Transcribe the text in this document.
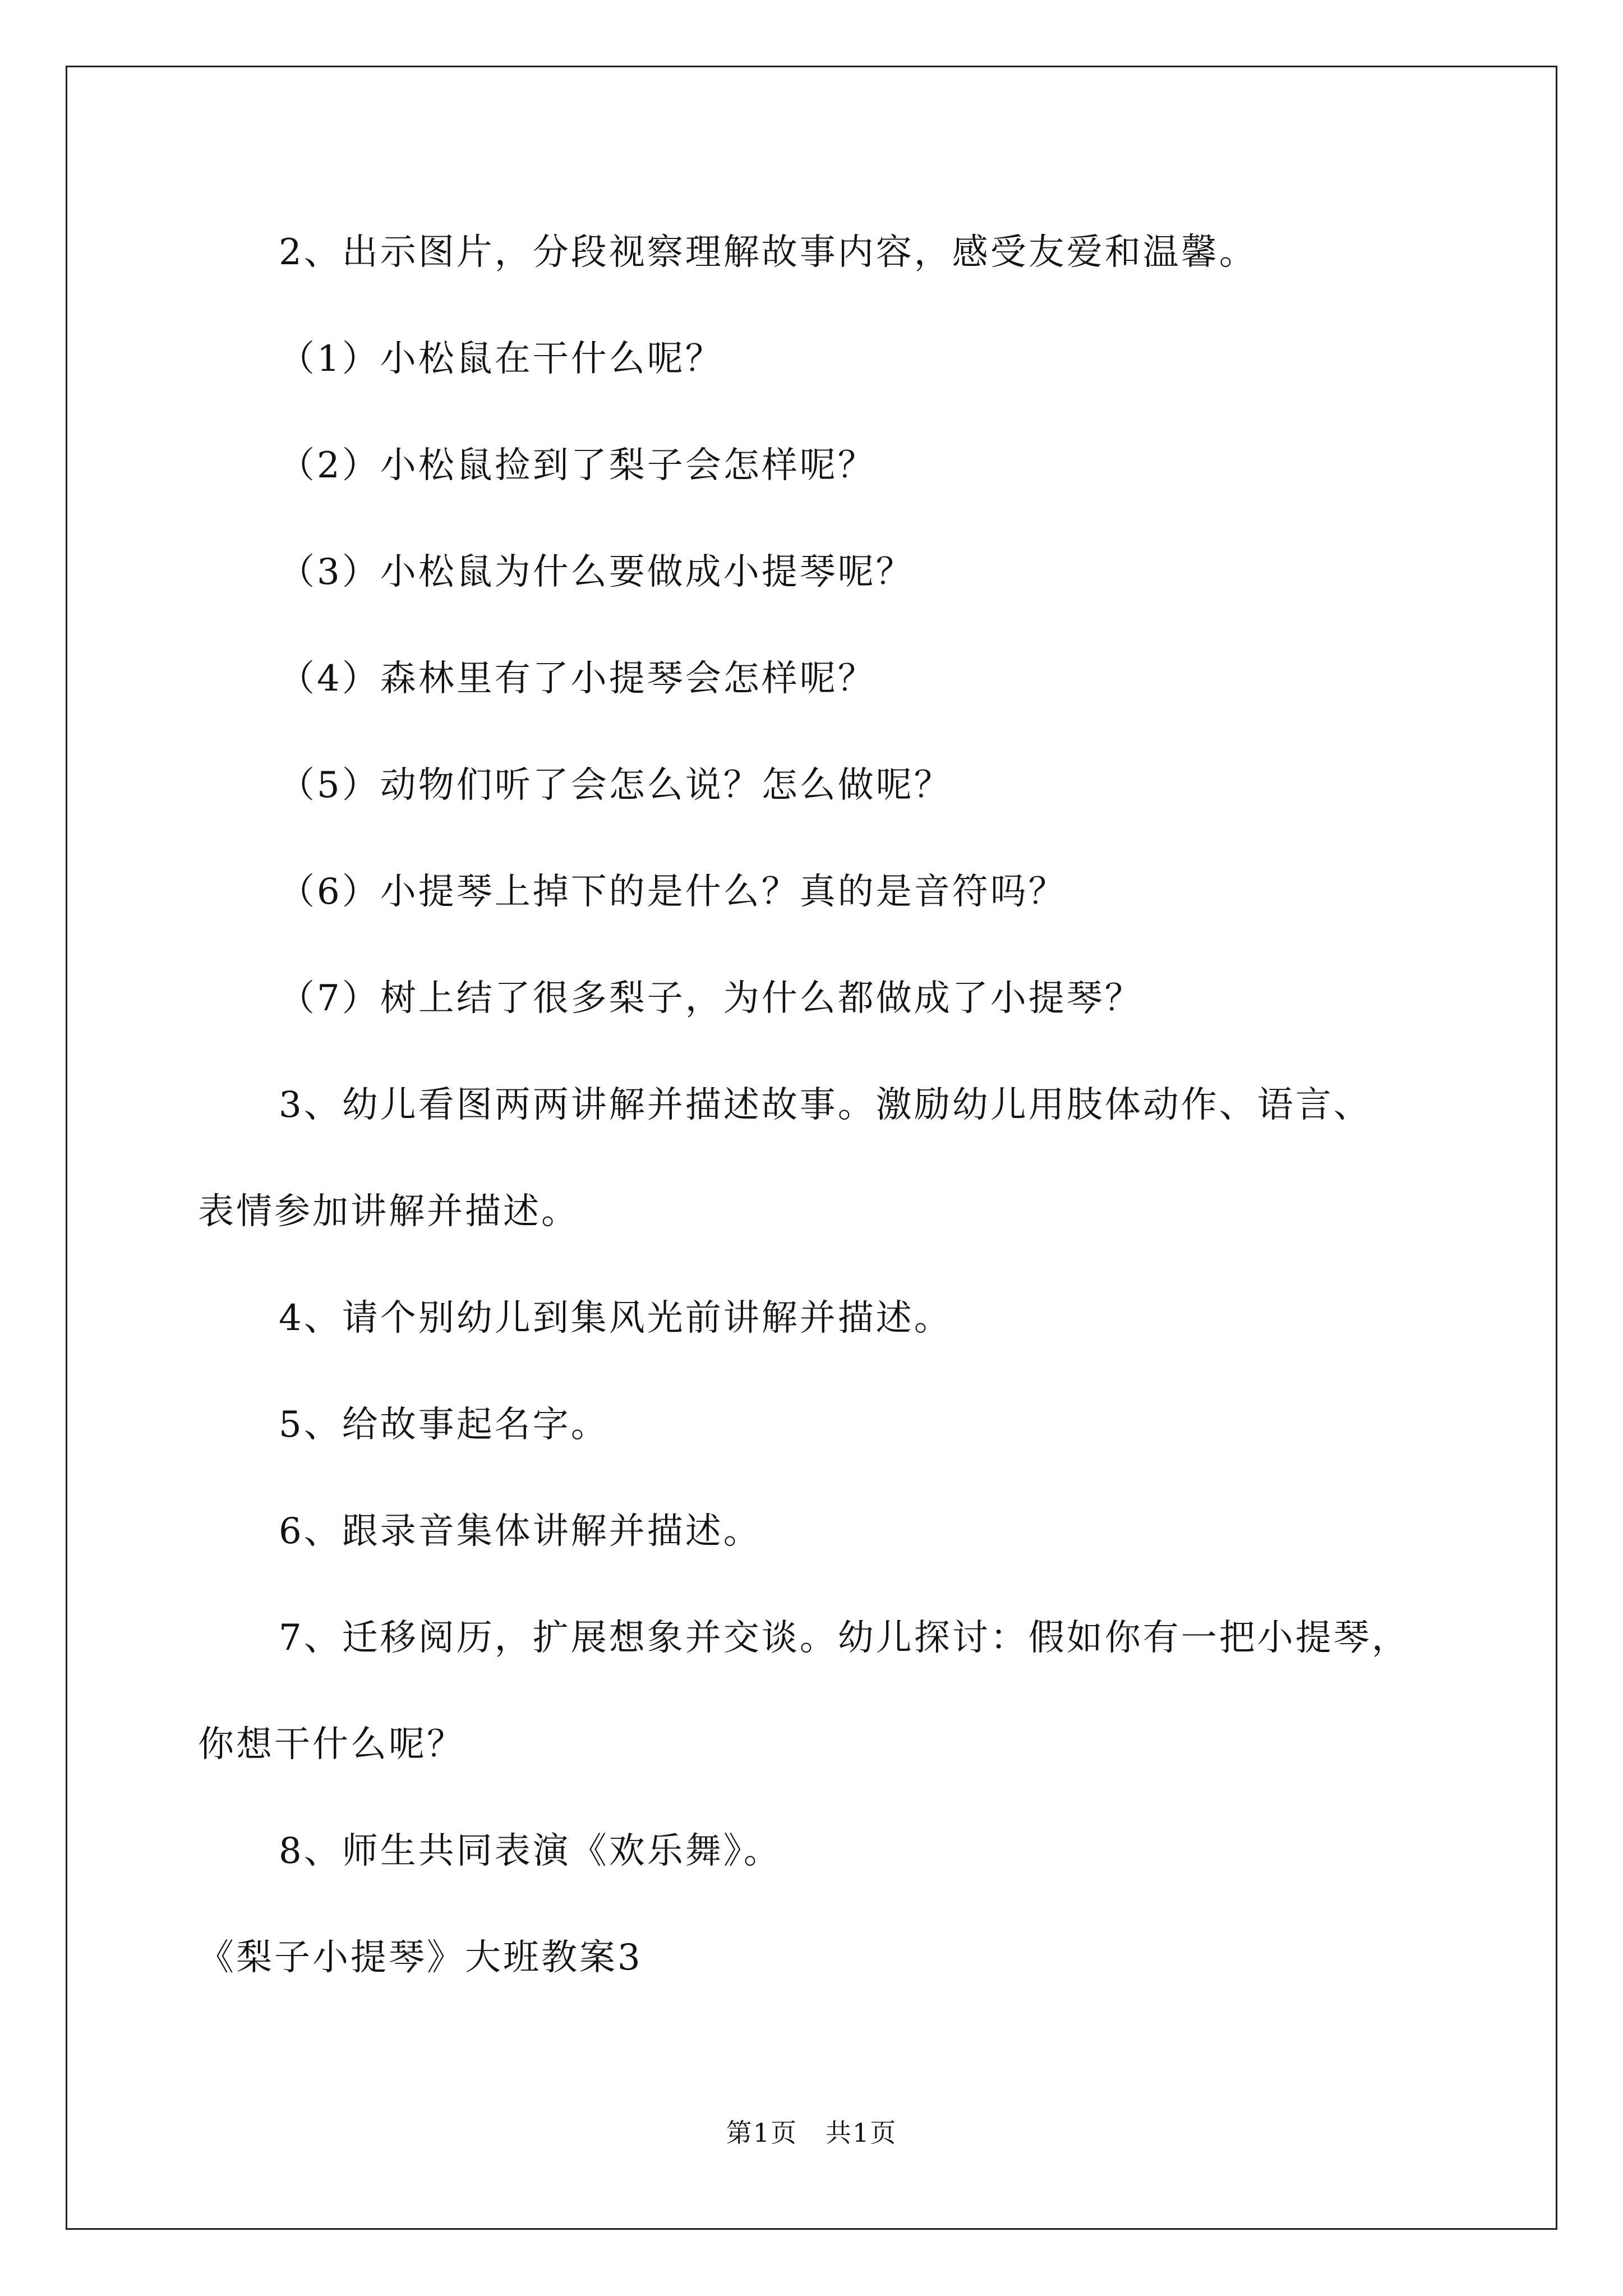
2、出示图片，分段视察理解故事内容，感受友爱和温馨。
（1）小松鼠在干什么呢？
（2）小松鼠捡到了梨子会怎样呢？
（3）小松鼠为什么要做成小提琴呢？
（4）森林里有了小提琴会怎样呢？
（5）动物们听了会怎么说？怎么做呢？
（6）小提琴上掉下的是什么？真的是音符吗？
（7）树上结了很多梨子，为什么都做成了小提琴？
3、幼儿看图两两讲解并描述故事。激励幼儿用肢体动作、语言、
表情参加讲解并描述。
4、请个别幼儿到集风光前讲解并描述。
5、给故事起名字。
6、跟录音集体讲解并描述。
7、迁移阅历，扩展想象并交谈。幼儿探讨：假如你有一把小提琴，
你想干什么呢？
8、师生共同表演《欢乐舞》。
《梨子小提琴》大班教案3
第1页 共1页
